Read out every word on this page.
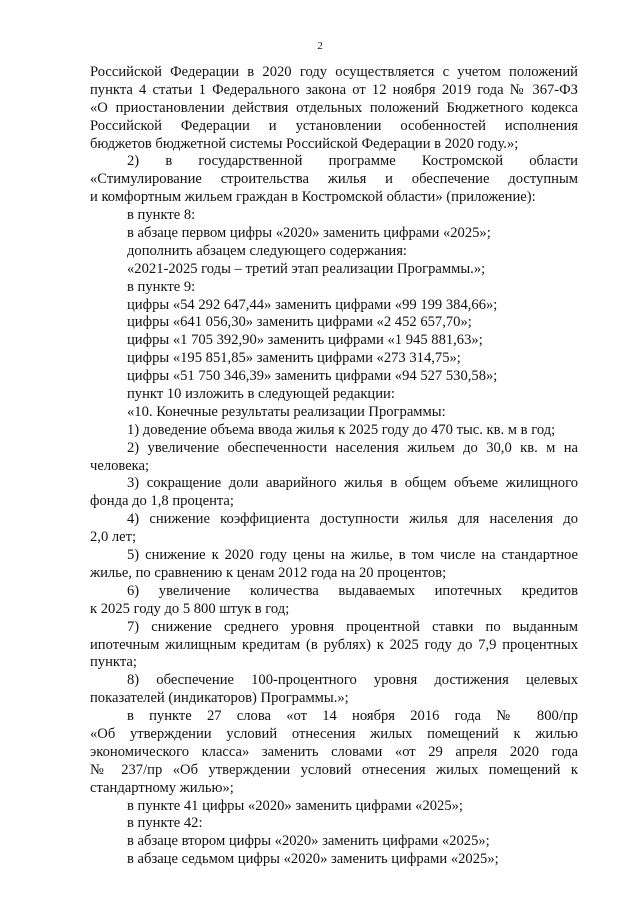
2
Российской Федерации в 2020 году осуществляется с учетом положений
пункта 4 статьи 1 Федерального закона от 12 ноября 2019 года № 367-ФЗ
«О приостановлении действия отдельных положений Бюджетного кодекса
Российской Федерации и установлении особенностей исполнения
бюджетов бюджетной системы Российской Федерации в 2020 году.»;
2) в государственной программе Костромской области
«Стимулирование строительства жилья и обеспечение доступным
и комфортным жильем граждан в Костромской области» (приложение):
в пункте 8:
в абзаце первом цифры «2020» заменить цифрами «2025»;
дополнить абзацем следующего содержания:
«2021-2025 годы – третий этап реализации Программы.»;
в пункте 9:
цифры «54 292 647,44» заменить цифрами «99 199 384,66»;
цифры «641 056,30» заменить цифрами «2 452 657,70»;
цифры «1 705 392,90» заменить цифрами «1 945 881,63»;
цифры «195 851,85» заменить цифрами «273 314,75»;
цифры «51 750 346,39» заменить цифрами «94 527 530,58»;
пункт 10 изложить в следующей редакции:
«10. Конечные результаты реализации Программы:
1) доведение объема ввода жилья к 2025 году до 470 тыс. кв. м в год;
2) увеличение обеспеченности населения жильем до 30,0 кв. м на
человека;
3) сокращение доли аварийного жилья в общем объеме жилищного
фонда до 1,8 процента;
4) снижение коэффициента доступности жилья для населения до
2,0 лет;
5) снижение к 2020 году цены на жилье, в том числе на стандартное
жилье, по сравнению к ценам 2012 года на 20 процентов;
6) увеличение количества выдаваемых ипотечных кредитов
к 2025 году до 5 800 штук в год;
7) снижение среднего уровня процентной ставки по выданным
ипотечным жилищным кредитам (в рублях) к 2025 году до 7,9 процентных
пункта;
8) обеспечение 100-процентного уровня достижения целевых
показателей (индикаторов) Программы.»;
в пункте 27 слова «от 14 ноября 2016 года № 800/пр
«Об утверждении условий отнесения жилых помещений к жилью
экономического класса» заменить словами «от 29 апреля 2020 года
№ 237/пр «Об утверждении условий отнесения жилых помещений к
стандартному жилью»;
в пункте 41 цифры «2020» заменить цифрами «2025»;
в пункте 42:
в абзаце втором цифры «2020» заменить цифрами «2025»;
в абзаце седьмом цифры «2020» заменить цифрами «2025»;
